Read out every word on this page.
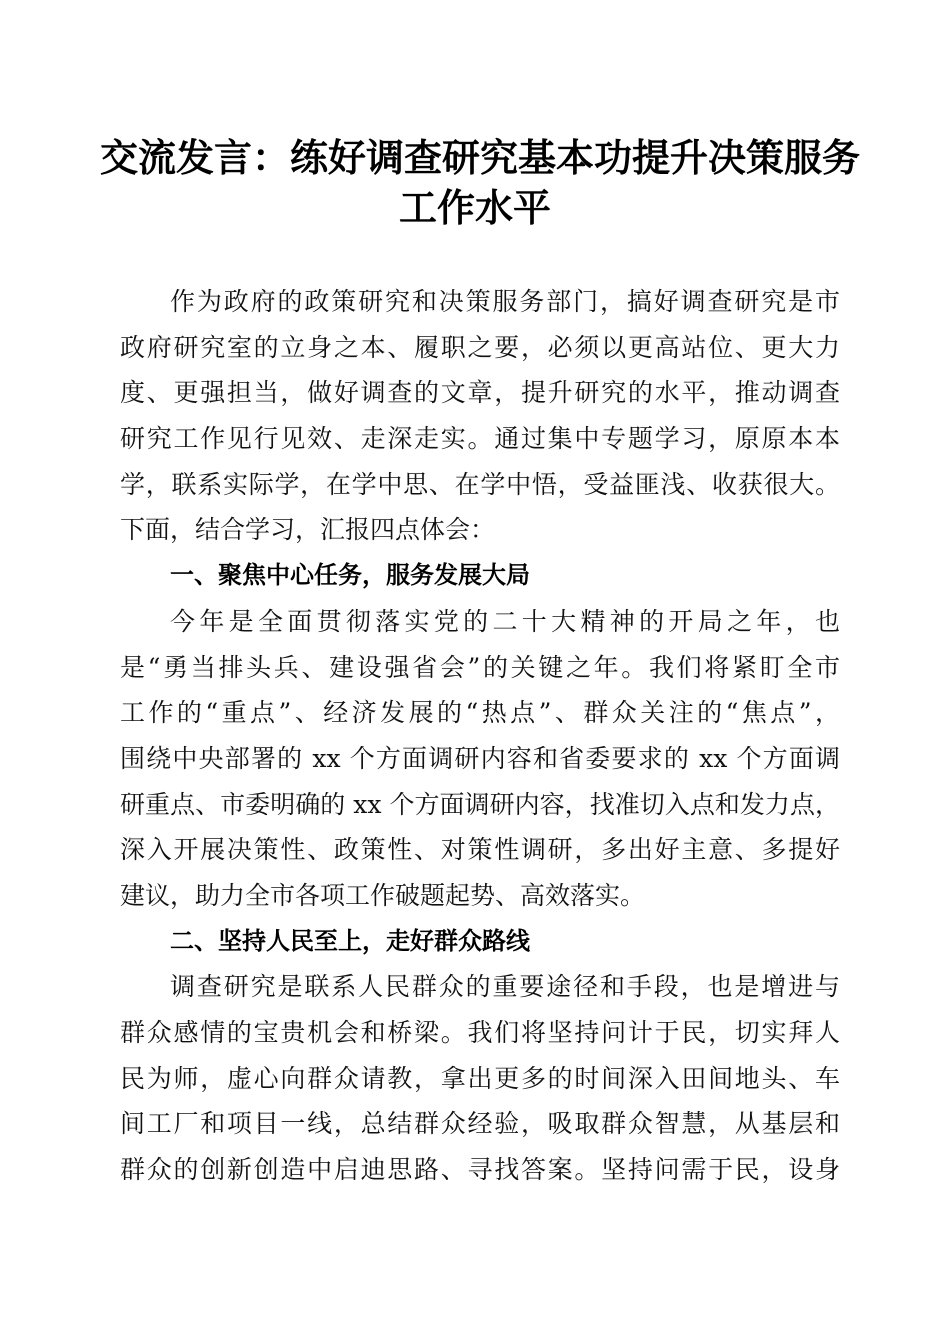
交流发言：练好调查研究基本功提升决策服务
工作水平
作为政府的政策研究和决策服务部门，搞好调查研究是市
政府研究室的立身之本、履职之要，必须以更高站位、更大力
度、更强担当，做好调查的文章，提升研究的水平，推动调查
研究工作见行见效、走深走实。通过集中专题学习，原原本本
学，联系实际学，在学中思、在学中悟，受益匪浅、收获很大。
下面，结合学习，汇报四点体会：
一、聚焦中心任务，服务发展大局
今年是全面贯彻落实党的二十大精神的开局之年，也
是“勇当排头兵、建设强省会”的关键之年。我们将紧盯全市
工作的“重点”、经济发展的“热点”、群众关注的“焦点”，
围绕中央部署的 xx 个方面调研内容和省委要求的 xx 个方面调
研重点、市委明确的 xx 个方面调研内容，找准切入点和发力点，
深入开展决策性、政策性、对策性调研，多出好主意、多提好
建议，助力全市各项工作破题起势、高效落实。
二、坚持人民至上，走好群众路线
调查研究是联系人民群众的重要途径和手段，也是增进与
群众感情的宝贵机会和桥梁。我们将坚持问计于民，切实拜人
民为师，虚心向群众请教，拿出更多的时间深入田间地头、车
间工厂和项目一线，总结群众经验，吸取群众智慧，从基层和
群众的创新创造中启迪思路、寻找答案。坚持问需于民，设身
